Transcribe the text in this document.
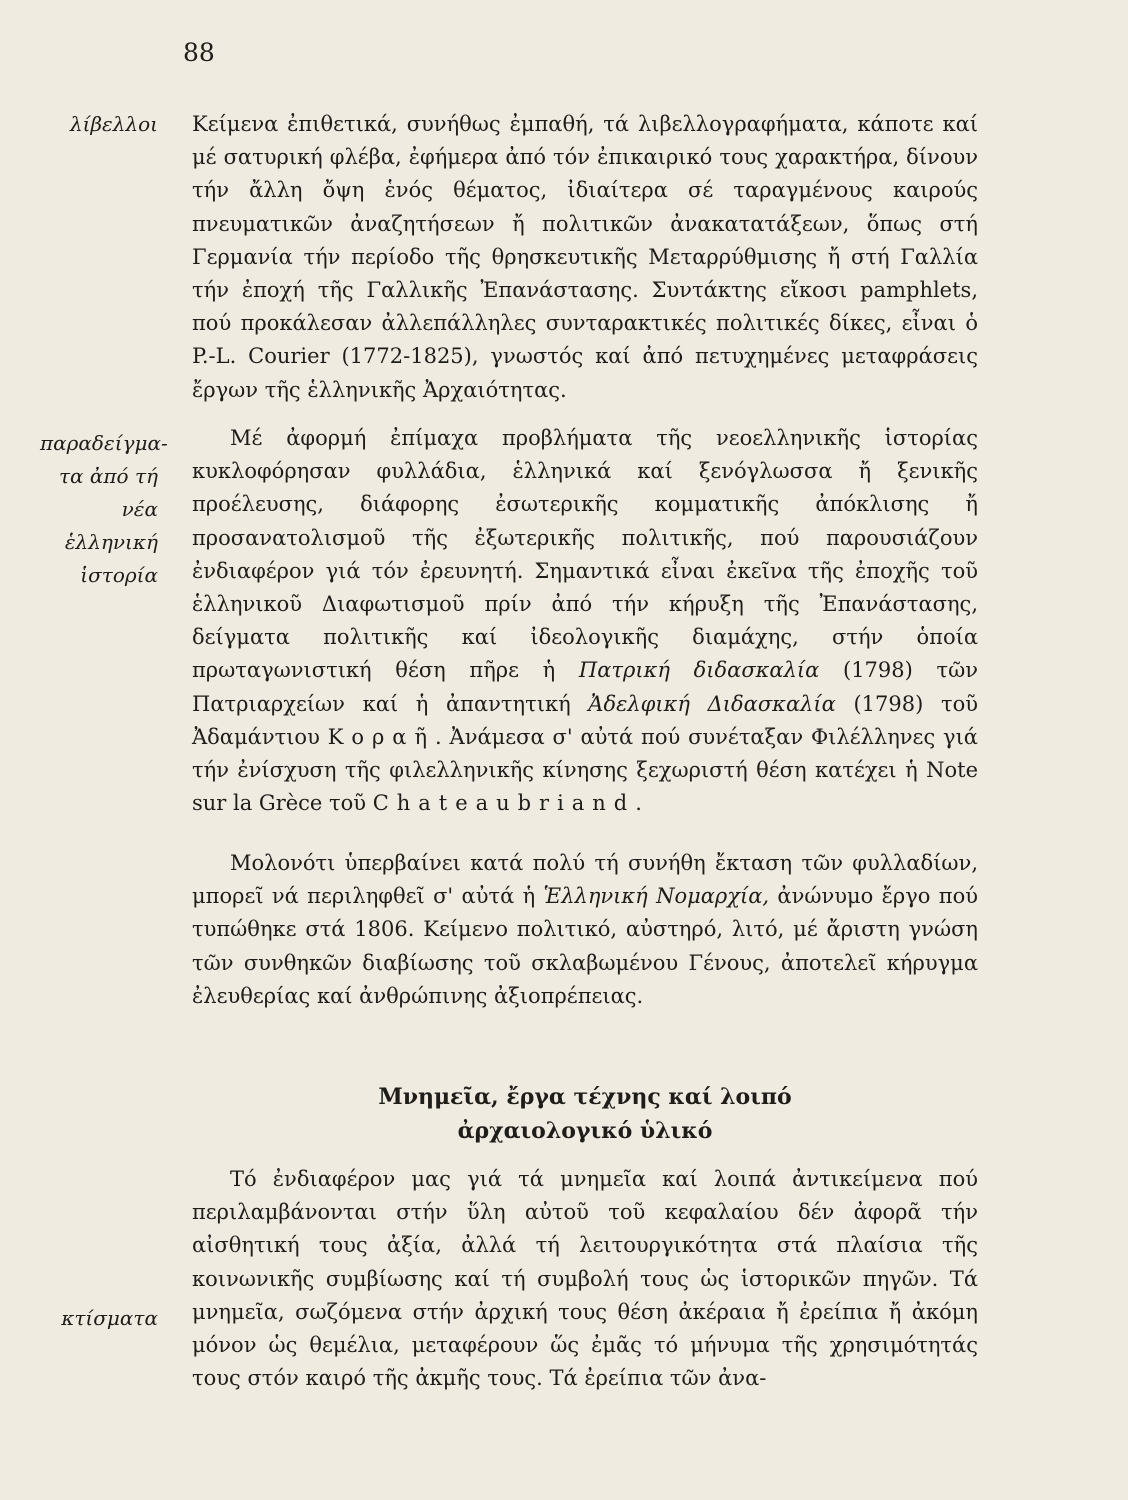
88
λίβελλοι
παραδείγμα-τα ἀπό τή νέα ἑλληνική ἱστορία
κτίσματα

Κείμενα ἐπιθετικά, συνήθως ἐμπαθή, τά λιβελλογραφήματα, κάποτε καί μέ σατυρική φλέβα, ἐφήμερα ἀπό τόν ἐπικαιρικό τους χαρακτήρα, δίνουν τήν ἄλλη ὄψη ἑνός θέματος, ἰδιαίτερα σέ ταραγμένους καιρούς πνευματικῶν ἀναζητήσεων ἤ πολιτικῶν ἀνακατατάξεων, ὅπως στή Γερμανία τήν περίοδο τῆς θρησκευτικῆς Μεταρρύθμισης ἤ στή Γαλλία τήν ἐποχή τῆς Γαλλικῆς Ἐπανάστασης. Συντάκτης εἴκοσι pamphlets, πού προκάλεσαν ἀλλεπάλληλες συνταρακτικές πολιτικές δίκες, εἶναι ὁ P.-L. Courier (1772-1825), γνωστός καί ἀπό πετυχημένες μεταφράσεις ἔργων τῆς ἑλληνικῆς Ἀρχαιότητας.

Μέ ἀφορμή ἐπίμαχα προβλήματα τῆς νεοελληνικῆς ἱστορίας κυκλοφόρησαν φυλλάδια, ἑλληνικά καί ξενόγλωσσα ἤ ξενικῆς προέλευσης, διάφορης ἐσωτερικῆς κομματικῆς ἀπόκλισης ἤ προσανατολισμοῦ τῆς ἐξωτερικῆς πολιτικῆς, πού παρουσιάζουν ἐνδιαφέρον γιά τόν ἐρευνητή. Σημαντικά εἶναι ἐκεῖνα τῆς ἐποχῆς τοῦ ἑλληνικοῦ Διαφωτισμοῦ πρίν ἀπό τήν κήρυξη τῆς Ἐπανάστασης, δείγματα πολιτικῆς καί ἰδεολογικῆς διαμάχης, στήν ὁποία πρωταγωνιστική θέση πῆρε ἡ Πατρική διδασκαλία (1798) τῶν Πατριαρχείων καί ἡ ἀπαντητική Ἀδελφική Διδασκαλία (1798) τοῦ Ἀδαμάντιου Κοραῆ. Ἀνάμεσα σ' αὐτά πού συνέταξαν Φιλέλληνες γιά τήν ἐνίσχυση τῆς φιλελληνικῆς κίνησης ξεχωριστή θέση κατέχει ἡ Note sur la Grèce τοῦ Chateaubriand.

Μολονότι ὑπερβαίνει κατά πολύ τή συνήθη ἔκταση τῶν φυλλαδίων, μπορεῖ νά περιληφθεῖ σ' αὐτά ἡ Ἑλληνική Νομαρχία, ἀνώνυμο ἔργο πού τυπώθηκε στά 1806. Κείμενο πολιτικό, αὐστηρό, λιτό, μέ ἄριστη γνώση τῶν συνθηκῶν διαβίωσης τοῦ σκλαβωμένου Γένους, ἀποτελεῖ κήρυγμα ἐλευθερίας καί ἀνθρώπινης ἀξιοπρέπειας.

Μνημεῖα, ἔργα τέχνης καί λοιπό
ἀρχαιολογικό ὑλικό

Τό ἐνδιαφέρον μας γιά τά μνημεῖα καί λοιπά ἀντικείμενα πού περιλαμβάνονται στήν ὕλη αὐτοῦ τοῦ κεφαλαίου δέν ἀφορᾶ τήν αἰσθητική τους ἀξία, ἀλλά τή λειτουργικότητα στά πλαίσια τῆς κοινωνικῆς συμβίωσης καί τή συμβολή τους ὡς ἱστορικῶν πηγῶν. Τά μνημεῖα, σωζόμενα στήν ἀρχική τους θέση ἀκέραια ἤ ἐρείπια ἤ ἀκόμη μόνον ὡς θεμέλια, μεταφέρουν ὥς ἐμᾶς τό μήνυμα τῆς χρησιμότητάς τους στόν καιρό τῆς ἀκμῆς τους. Τά ἐρείπια τῶν ἀνα-
